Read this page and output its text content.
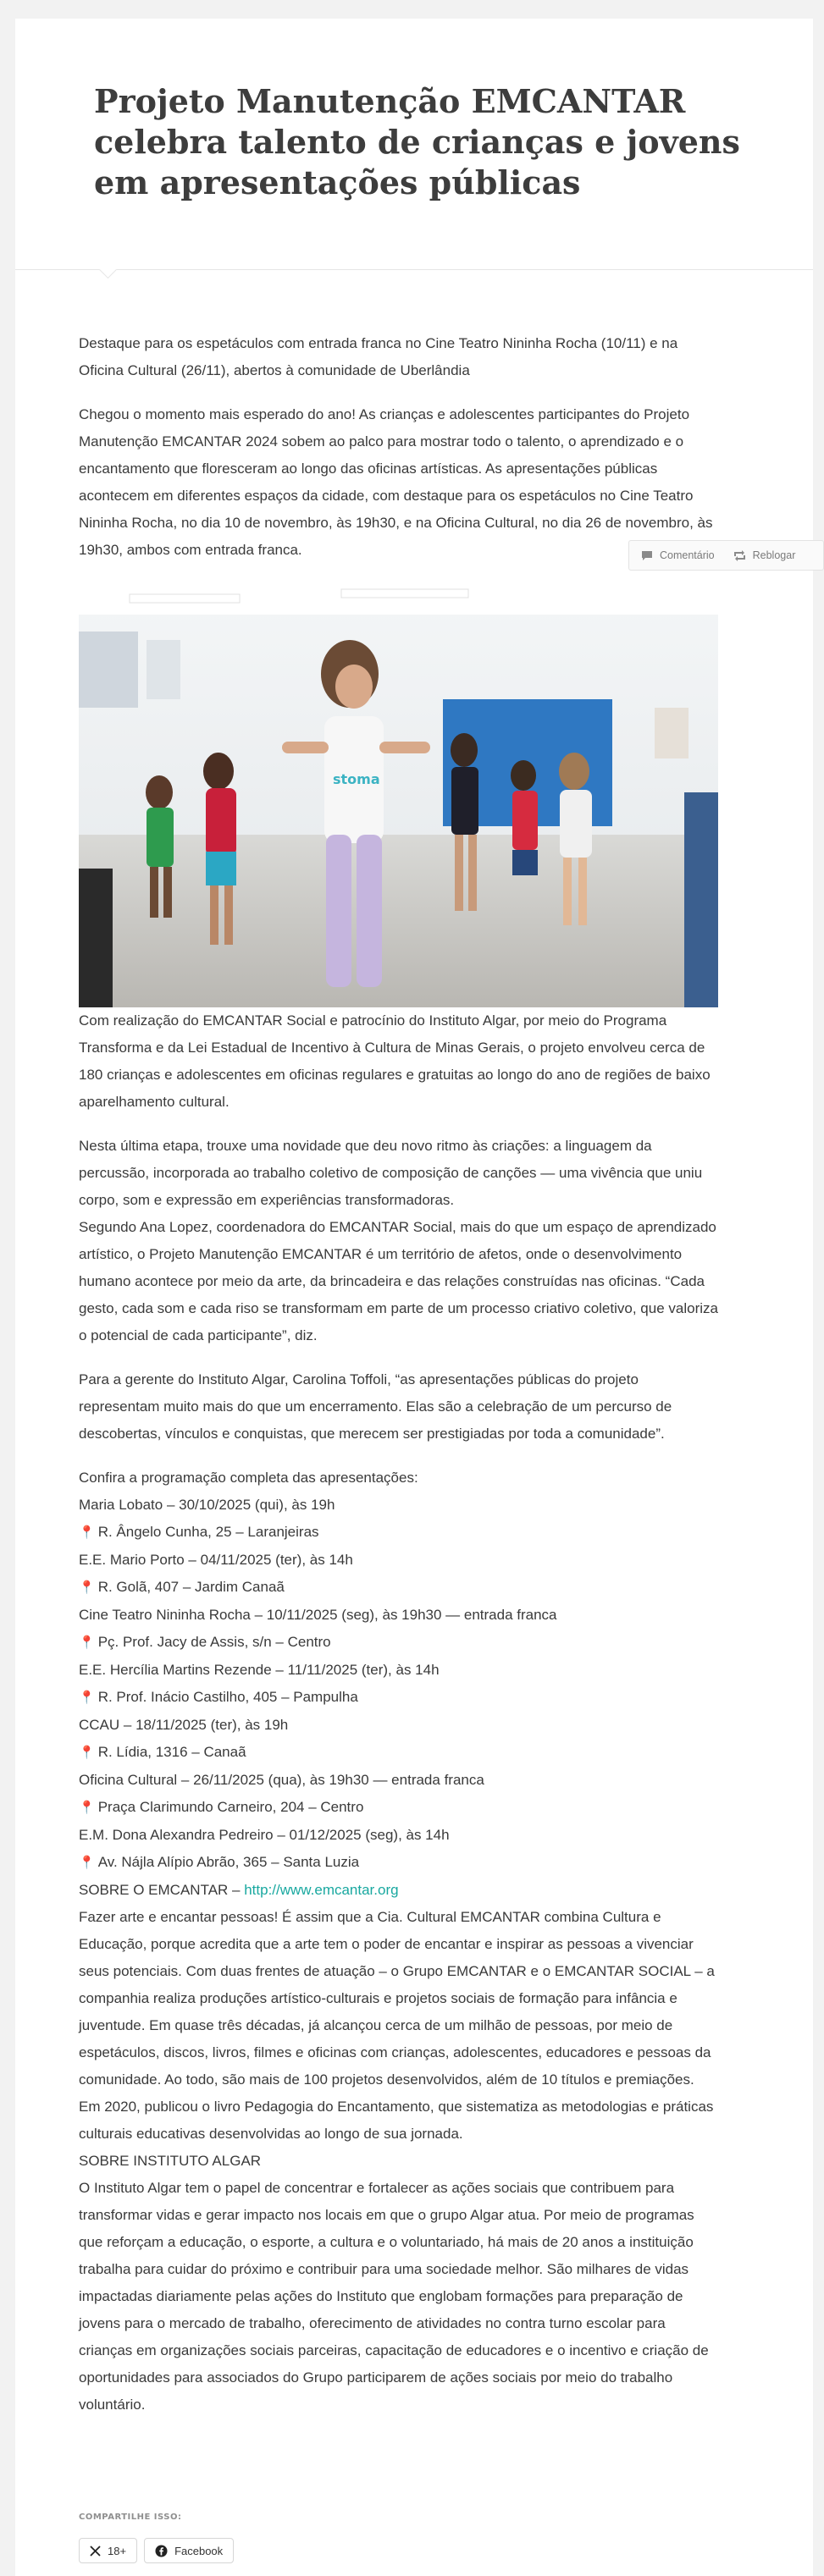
Projeto Manutenção EMCANTAR celebra talento de crianças e jovens em apresentações públicas

Destaque para os espetáculos com entrada franca no Cine Teatro Nininha Rocha (10/11) e na Oficina Cultural (26/11), abertos à comunidade de Uberlândia

Chegou o momento mais esperado do ano! As crianças e adolescentes participantes do Projeto Manutenção EMCANTAR 2024 sobem ao palco para mostrar todo o talento, o aprendizado e o encantamento que floresceram ao longo das oficinas artísticas. As apresentações públicas acontecem em diferentes espaços da cidade, com destaque para os espetáculos no Cine Teatro Nininha Rocha, no dia 10 de novembro, às 19h30, e na Oficina Cultural, no dia 26 de novembro, às 19h30, ambos com entrada franca.

stoma

Com realização do EMCANTAR Social e patrocínio do Instituto Algar, por meio do Programa Transforma e da Lei Estadual de Incentivo à Cultura de Minas Gerais, o projeto envolveu cerca de 180 crianças e adolescentes em oficinas regulares e gratuitas ao longo do ano de regiões de baixo aparelhamento cultural.

Nesta última etapa, trouxe uma novidade que deu novo ritmo às criações: a linguagem da percussão, incorporada ao trabalho coletivo de composição de canções — uma vivência que uniu corpo, som e expressão em experiências transformadoras.

Segundo Ana Lopez, coordenadora do EMCANTAR Social, mais do que um espaço de aprendizado artístico, o Projeto Manutenção EMCANTAR é um território de afetos, onde o desenvolvimento humano acontece por meio da arte, da brincadeira e das relações construídas nas oficinas. “Cada gesto, cada som e cada riso se transformam em parte de um processo criativo coletivo, que valoriza o potencial de cada participante”, diz.

Para a gerente do Instituto Algar, Carolina Toffoli, “as apresentações públicas do projeto representam muito mais do que um encerramento. Elas são a celebração de um percurso de descobertas, vínculos e conquistas, que merecem ser prestigiadas por toda a comunidade”.

Confira a programação completa das apresentações:
Maria Lobato – 30/10/2025 (qui), às 19h
📍 R. Ângelo Cunha, 25 – Laranjeiras
E.E. Mario Porto – 04/11/2025 (ter), às 14h
📍 R. Golã, 407 – Jardim Canaã
Cine Teatro Nininha Rocha – 10/11/2025 (seg), às 19h30 — entrada franca
📍 Pç. Prof. Jacy de Assis, s/n – Centro
E.E. Hercília Martins Rezende – 11/11/2025 (ter), às 14h
📍 R. Prof. Inácio Castilho, 405 – Pampulha
CCAU – 18/11/2025 (ter), às 19h
📍 R. Lídia, 1316 – Canaã
Oficina Cultural – 26/11/2025 (qua), às 19h30 — entrada franca
📍 Praça Clarimundo Carneiro, 204 – Centro
E.M. Dona Alexandra Pedreiro – 01/12/2025 (seg), às 14h
📍 Av. Nájla Alípio Abrão, 365 – Santa Luzia
SOBRE O EMCANTAR – http://www.emcantar.org
Fazer arte e encantar pessoas! É assim que a Cia. Cultural EMCANTAR combina Cultura e Educação, porque acredita que a arte tem o poder de encantar e inspirar as pessoas a vivenciar seus potenciais. Com duas frentes de atuação – o Grupo EMCANTAR e o EMCANTAR SOCIAL – a companhia realiza produções artístico-culturais e projetos sociais de formação para infância e juventude. Em quase três décadas, já alcançou cerca de um milhão de pessoas, por meio de espetáculos, discos, livros, filmes e oficinas com crianças, adolescentes, educadores e pessoas da comunidade. Ao todo, são mais de 100 projetos desenvolvidos, além de 10 títulos e premiações. Em 2020, publicou o livro Pedagogia do Encantamento, que sistematiza as metodologias e práticas culturais educativas desenvolvidas ao longo de sua jornada.
SOBRE INSTITUTO ALGAR
O Instituto Algar tem o papel de concentrar e fortalecer as ações sociais que contribuem para transformar vidas e gerar impacto nos locais em que o grupo Algar atua. Por meio de programas que reforçam a educação, o esporte, a cultura e o voluntariado, há mais de 20 anos a instituição trabalha para cuidar do próximo e contribuir para uma sociedade melhor. São milhares de vidas impactadas diariamente pelas ações do Instituto que englobam formações para preparação de jovens para o mercado de trabalho, oferecimento de atividades no contra turno escolar para crianças em organizações sociais parceiras, capacitação de educadores e o incentivo e criação de oportunidades para associados do Grupo participarem de ações sociais por meio do trabalho voluntário.
Comentário	Reblogar
COMPARTILHE ISSO:
18+	Facebook
